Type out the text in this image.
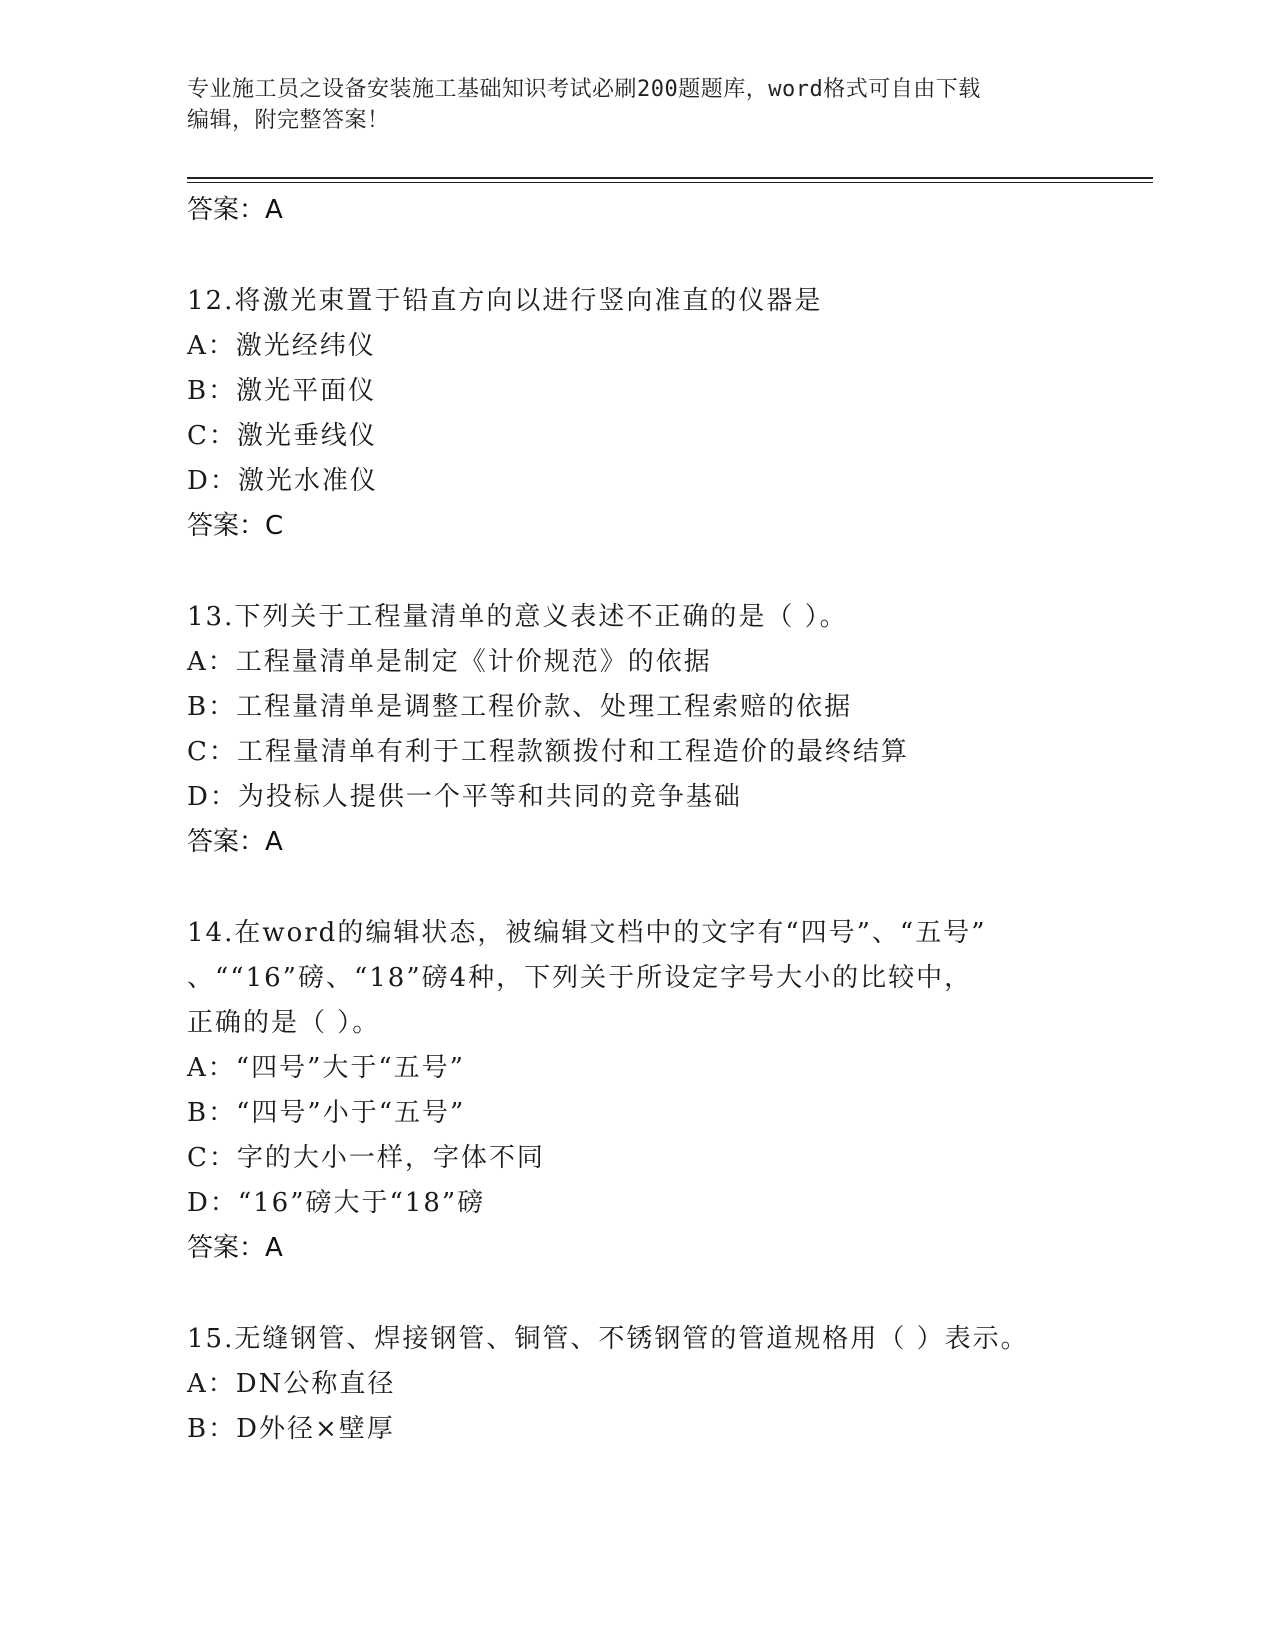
专业施工员之设备安装施工基础知识考试必刷200题题库，word格式可自由下载
编辑，附完整答案！
答案：A
12.将激光束置于铅直方向以进行竖向准直的仪器是
A：激光经纬仪
B：激光平面仪
C：激光垂线仪
D：激光水准仪
答案：C
13.下列关于工程量清单的意义表述不正确的是（ ）。
A：工程量清单是制定《计价规范》的依据
B：工程量清单是调整工程价款、处理工程索赔的依据
C：工程量清单有利于工程款额拨付和工程造价的最终结算
D：为投标人提供一个平等和共同的竞争基础
答案：A
14.在word的编辑状态，被编辑文档中的文字有“四号”、“五号”
、““16”磅、“18”磅4种，下列关于所设定字号大小的比较中，
正确的是（ ）。
A：“四号”大于“五号”
B：“四号”小于“五号”
C：字的大小一样，字体不同
D：“16”磅大于“18”磅
答案：A
15.无缝钢管、焊接钢管、铜管、不锈钢管的管道规格用（ ）表示。
A：DN公称直径
B：D外径×壁厚
